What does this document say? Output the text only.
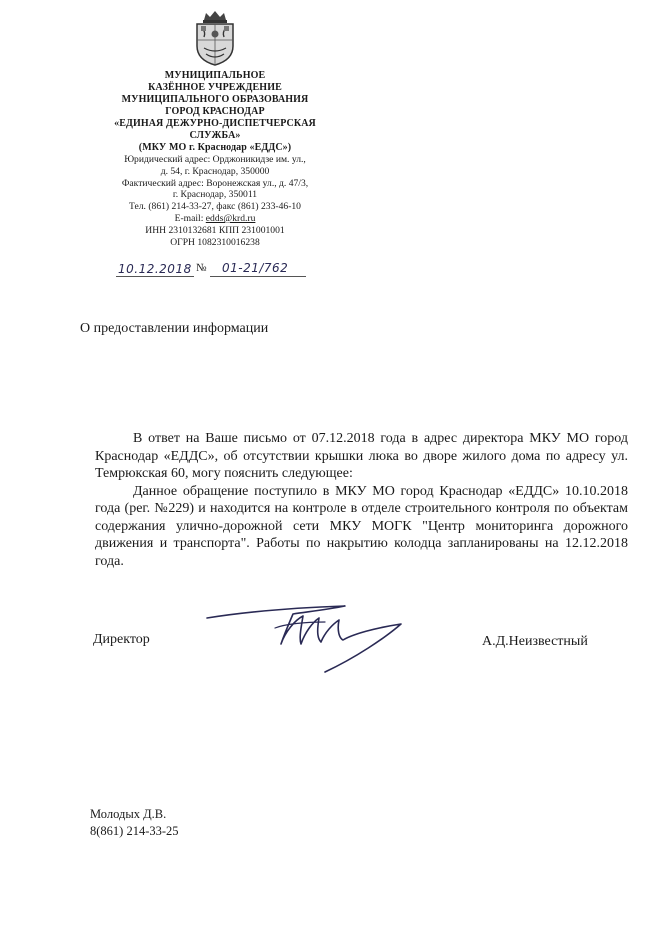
МУНИЦИПАЛЬНОЕ
КАЗЁННОЕ УЧРЕЖДЕНИЕ
МУНИЦИПАЛЬНОГО ОБРАЗОВАНИЯ
ГОРОД КРАСНОДАР
«ЕДИНАЯ ДЕЖУРНО-ДИСПЕТЧЕРСКАЯ
СЛУЖБА»
(МКУ МО г. Краснодар «ЕДДС»)
Юридический адрес: Орджоникидзе им. ул.,
д. 54, г. Краснодар, 350000
Фактический адрес: Воронежская ул., д. 47/3,
г. Краснодар, 350011
Тел. (861) 214-33-27, факс (861) 233-46-10
E-mail: edds@krd.ru
ИНН 2310132681 КПП 231001001
ОГРН 1082310016238
10.12.2018 № 01-21/762
О предоставлении информации

В ответ на Ваше письмо от 07.12.2018 года в адрес директора МКУ МО город Краснодар «ЕДДС», об отсутствии крышки люка во дворе жилого дома по адресу ул. Темрюкская 60, могу пояснить следующее:

Данное обращение поступило в МКУ МО город Краснодар «ЕДДС» 10.10.2018 года (рег. №229) и находится на контроле в отделе строительного контроля по объектам содержания улично-дорожной сети МКУ МОГК "Центр мониторинга дорожного движения и транспорта". Работы по накрытию колодца запланированы на 12.12.2018 года.

Директор	А.Д.Неизвестный
Молодых Д.В.
8(861) 214-33-25
